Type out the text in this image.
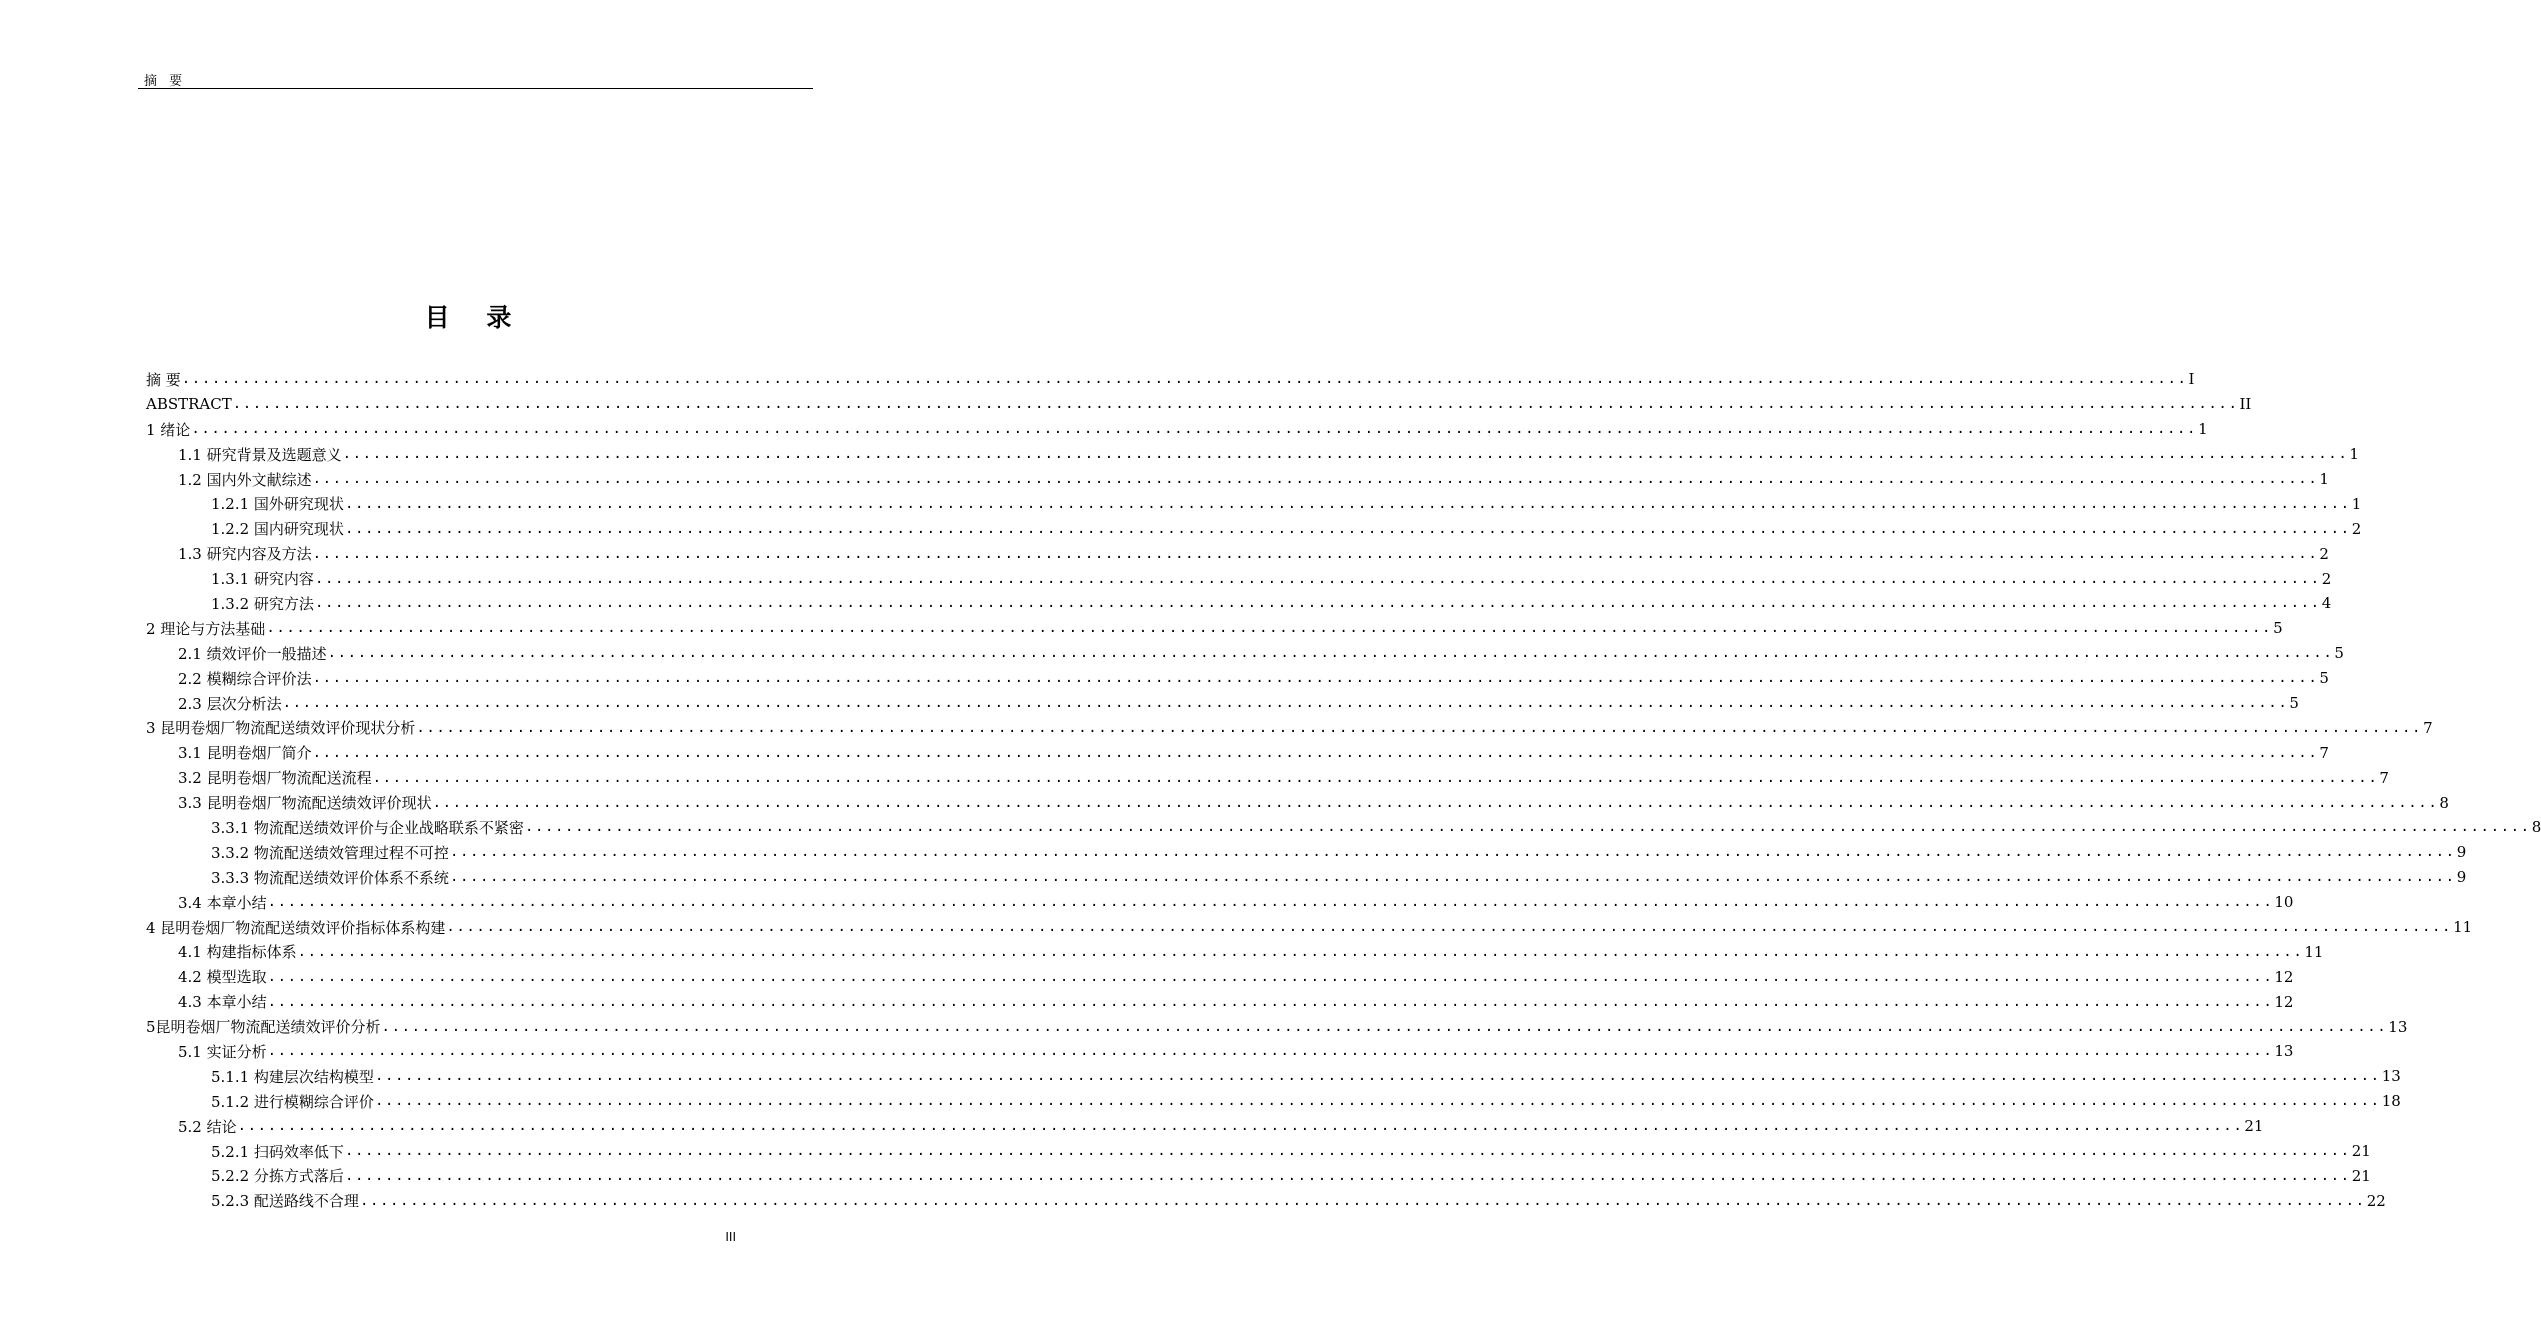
摘 要
目 录
摘 要 ........................................................................................................................................................................................................ I
ABSTRACT ........................................................................................................................................................................................................ II
1 绪论 ........................................................................................................................................................................................................ 1
1.1 研究背景及选题意义 ........................................................................................................................................................................................................ 1
1.2 国内外文献综述 ........................................................................................................................................................................................................ 1
1.2.1 国外研究现状 ........................................................................................................................................................................................................ 1
1.2.2 国内研究现状 ........................................................................................................................................................................................................ 2
1.3 研究内容及方法 ........................................................................................................................................................................................................ 2
1.3.1 研究内容 ........................................................................................................................................................................................................ 2
1.3.2 研究方法 ........................................................................................................................................................................................................ 4
2 理论与方法基础 ........................................................................................................................................................................................................ 5
2.1 绩效评价一般描述 ........................................................................................................................................................................................................ 5
2.2 模糊综合评价法 ........................................................................................................................................................................................................ 5
2.3 层次分析法 ........................................................................................................................................................................................................ 5
3 昆明卷烟厂物流配送绩效评价现状分析 ........................................................................................................................................................................................................ 7
3.1 昆明卷烟厂简介 ........................................................................................................................................................................................................ 7
3.2 昆明卷烟厂物流配送流程 ........................................................................................................................................................................................................ 7
3.3 昆明卷烟厂物流配送绩效评价现状 ........................................................................................................................................................................................................ 8
3.3.1 物流配送绩效评价与企业战略联系不紧密 ........................................................................................................................................................................................................ 8
3.3.2 物流配送绩效管理过程不可控 ........................................................................................................................................................................................................ 9
3.3.3 物流配送绩效评价体系不系统 ........................................................................................................................................................................................................ 9
3.4 本章小结 ........................................................................................................................................................................................................ 10
4 昆明卷烟厂物流配送绩效评价指标体系构建 ........................................................................................................................................................................................................ 11
4.1 构建指标体系 ........................................................................................................................................................................................................ 11
4.2 模型选取 ........................................................................................................................................................................................................ 12
4.3 本章小结 ........................................................................................................................................................................................................ 12
5昆明卷烟厂物流配送绩效评价分析 ........................................................................................................................................................................................................ 13
5.1 实证分析 ........................................................................................................................................................................................................ 13
5.1.1 构建层次结构模型 ........................................................................................................................................................................................................ 13
5.1.2 进行模糊综合评价 ........................................................................................................................................................................................................ 18
5.2 结论 ........................................................................................................................................................................................................ 21
5.2.1 扫码效率低下 ........................................................................................................................................................................................................ 21
5.2.2 分拣方式落后 ........................................................................................................................................................................................................ 21
5.2.3 配送路线不合理 ........................................................................................................................................................................................................ 22
III
